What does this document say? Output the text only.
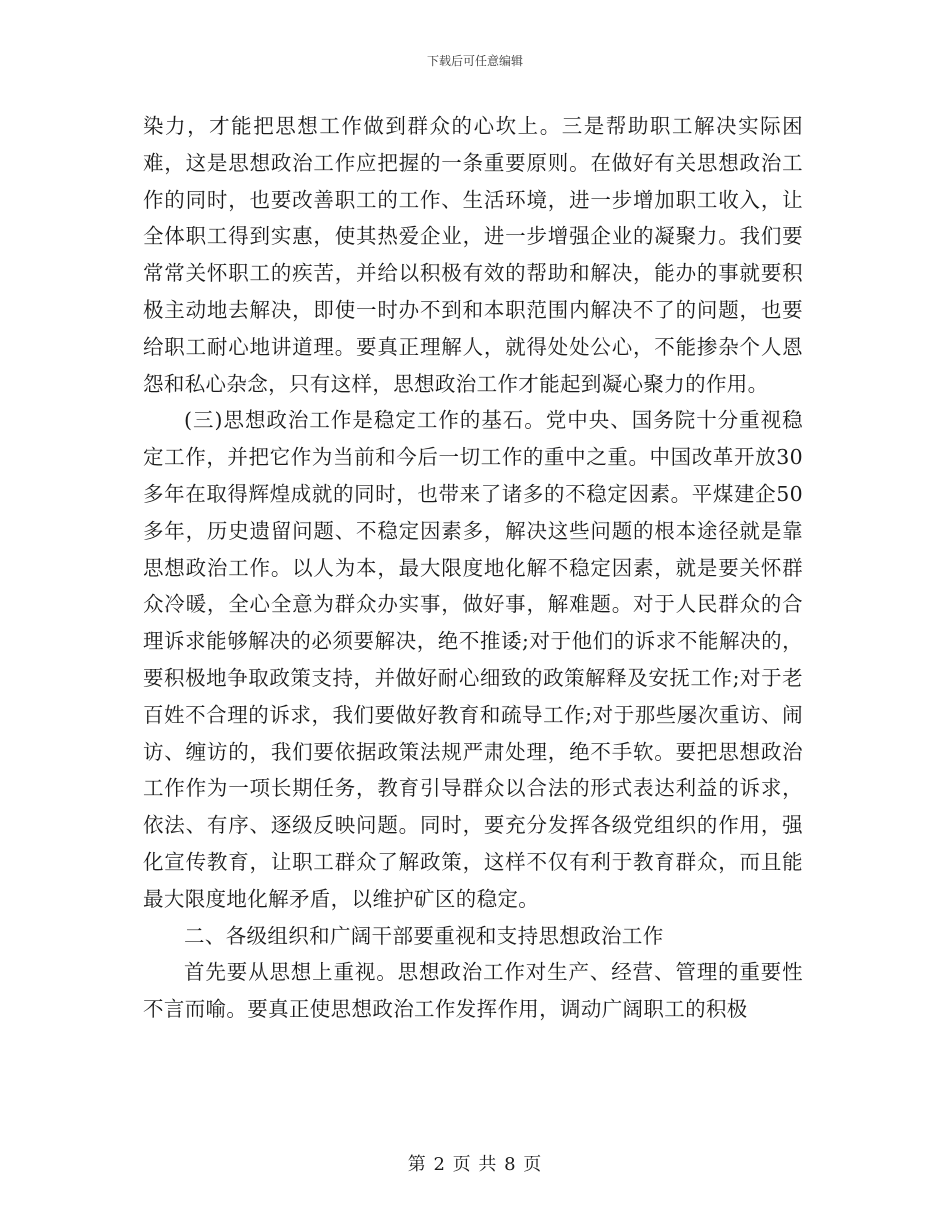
下载后可任意编辑

染力，才能把思想工作做到群众的心坎上。三是帮助职工解决实际困难，这是思想政治工作应把握的一条重要原则。在做好有关思想政治工作的同时，也要改善职工的工作、生活环境，进一步增加职工收入，让全体职工得到实惠，使其热爱企业，进一步增强企业的凝聚力。我们要常常关怀职工的疾苦，并给以积极有效的帮助和解决，能办的事就要积极主动地去解决，即使一时办不到和本职范围内解决不了的问题，也要给职工耐心地讲道理。要真正理解人，就得处处公心，不能掺杂个人恩怨和私心杂念，只有这样，思想政治工作才能起到凝心聚力的作用。

(三)思想政治工作是稳定工作的基石。党中央、国务院十分重视稳定工作，并把它作为当前和今后一切工作的重中之重。中国改革开放30多年在取得辉煌成就的同时，也带来了诸多的不稳定因素。平煤建企50多年，历史遗留问题、不稳定因素多，解决这些问题的根本途径就是靠思想政治工作。以人为本，最大限度地化解不稳定因素，就是要关怀群众冷暖，全心全意为群众办实事，做好事，解难题。对于人民群众的合理诉求能够解决的必须要解决，绝不推诿;对于他们的诉求不能解决的，要积极地争取政策支持，并做好耐心细致的政策解释及安抚工作;对于老百姓不合理的诉求，我们要做好教育和疏导工作;对于那些屡次重访、闹访、缠访的，我们要依据政策法规严肃处理，绝不手软。要把思想政治工作作为一项长期任务，教育引导群众以合法的形式表达利益的诉求，依法、有序、逐级反映问题。同时，要充分发挥各级党组织的作用，强化宣传教育，让职工群众了解政策，这样不仅有利于教育群众，而且能最大限度地化解矛盾，以维护矿区的稳定。

二、各级组织和广阔干部要重视和支持思想政治工作

首先要从思想上重视。思想政治工作对生产、经营、管理的重要性不言而喻。要真正使思想政治工作发挥作用，调动广阔职工的积极

第 2 页 共 8 页
